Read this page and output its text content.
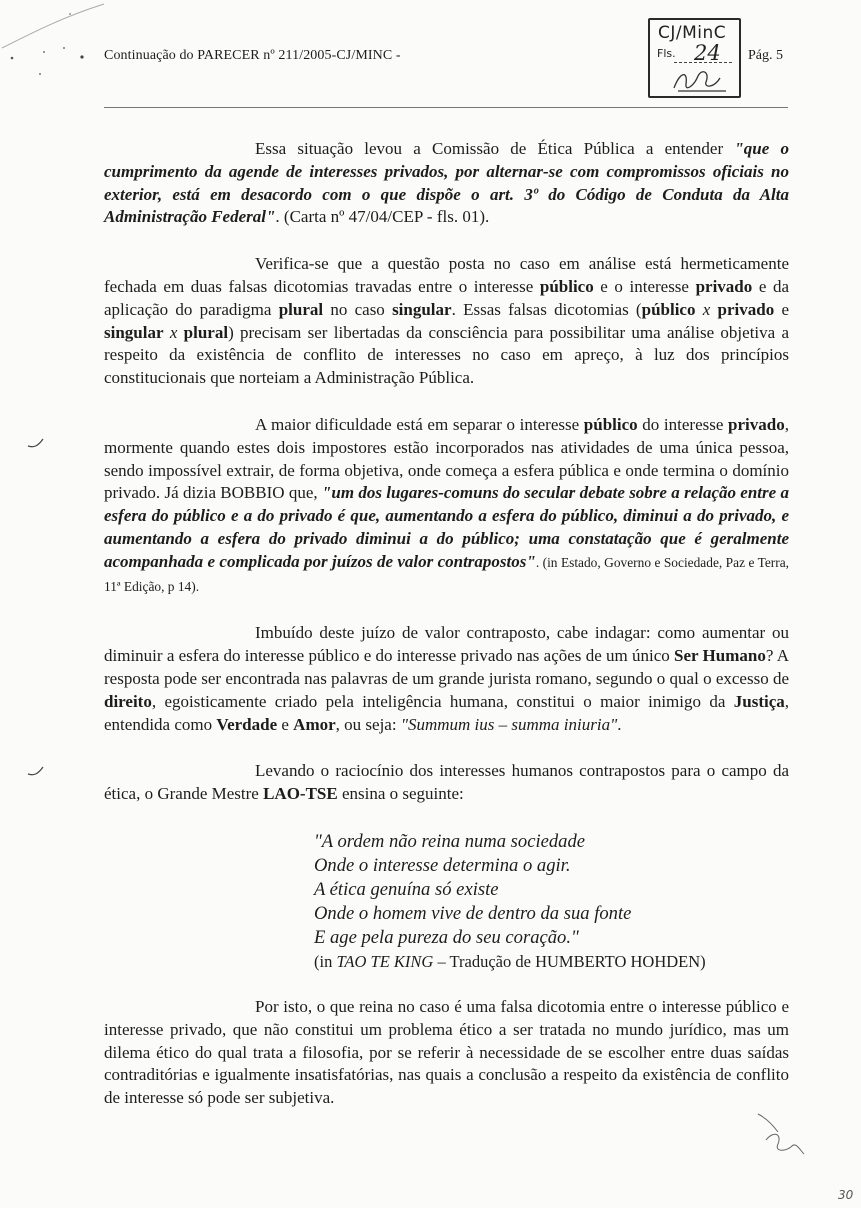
Continuação do PARECER nº 211/2005-CJ/MINC -	Pág. 5
CJ/MinC
Fls. 24

Essa situação levou a Comissão de Ética Pública a entender "que o cumprimento da agende de interesses privados, por alternar-se com compromissos oficiais no exterior, está em desacordo com o que dispõe o art. 3º do Código de Conduta da Alta Administração Federal". (Carta nº 47/04/CEP - fls. 01).

Verifica-se que a questão posta no caso em análise está hermeticamente fechada em duas falsas dicotomias travadas entre o interesse público e o interesse privado e da aplicação do paradigma plural no caso singular. Essas falsas dicotomias (público x privado e singular x plural) precisam ser libertadas da consciência para possibilitar uma análise objetiva a respeito da existência de conflito de interesses no caso em apreço, à luz dos princípios constitucionais que norteiam a Administração Pública.

A maior dificuldade está em separar o interesse público do interesse privado, mormente quando estes dois impostores estão incorporados nas atividades de uma única pessoa, sendo impossível extrair, de forma objetiva, onde começa a esfera pública e onde termina o domínio privado. Já dizia BOBBIO que, "um dos lugares-comuns do secular debate sobre a relação entre a esfera do público e a do privado é que, aumentando a esfera do público, diminui a do privado, e aumentando a esfera do privado diminui a do público; uma constatação que é geralmente acompanhada e complicada por juízos de valor contrapostos". (in Estado, Governo e Sociedade, Paz e Terra, 11ª Edição, p 14).

Imbuído deste juízo de valor contraposto, cabe indagar: como aumentar ou diminuir a esfera do interesse público e do interesse privado nas ações de um único Ser Humano? A resposta pode ser encontrada nas palavras de um grande jurista romano, segundo o qual o excesso de direito, egoisticamente criado pela inteligência humana, constitui o maior inimigo da Justiça, entendida como Verdade e Amor, ou seja: "Summum ius – summa iniuria".

Levando o raciocínio dos interesses humanos contrapostos para o campo da ética, o Grande Mestre LAO-TSE ensina o seguinte:

"A ordem não reina numa sociedade
Onde o interesse determina o agir.
A ética genuína só existe
Onde o homem vive de dentro da sua fonte
E age pela pureza do seu coração."
(in TAO TE KING – Tradução de HUMBERTO HOHDEN)

Por isto, o que reina no caso é uma falsa dicotomia entre o interesse público e interesse privado, que não constitui um problema ético a ser tratada no mundo jurídico, mas um dilema ético do qual trata a filosofia, por se referir à necessidade de se escolher entre duas saídas contraditórias e igualmente insatisfatórias, nas quais a conclusão a respeito da existência de conflito de interesse só pode ser subjetiva.

30
